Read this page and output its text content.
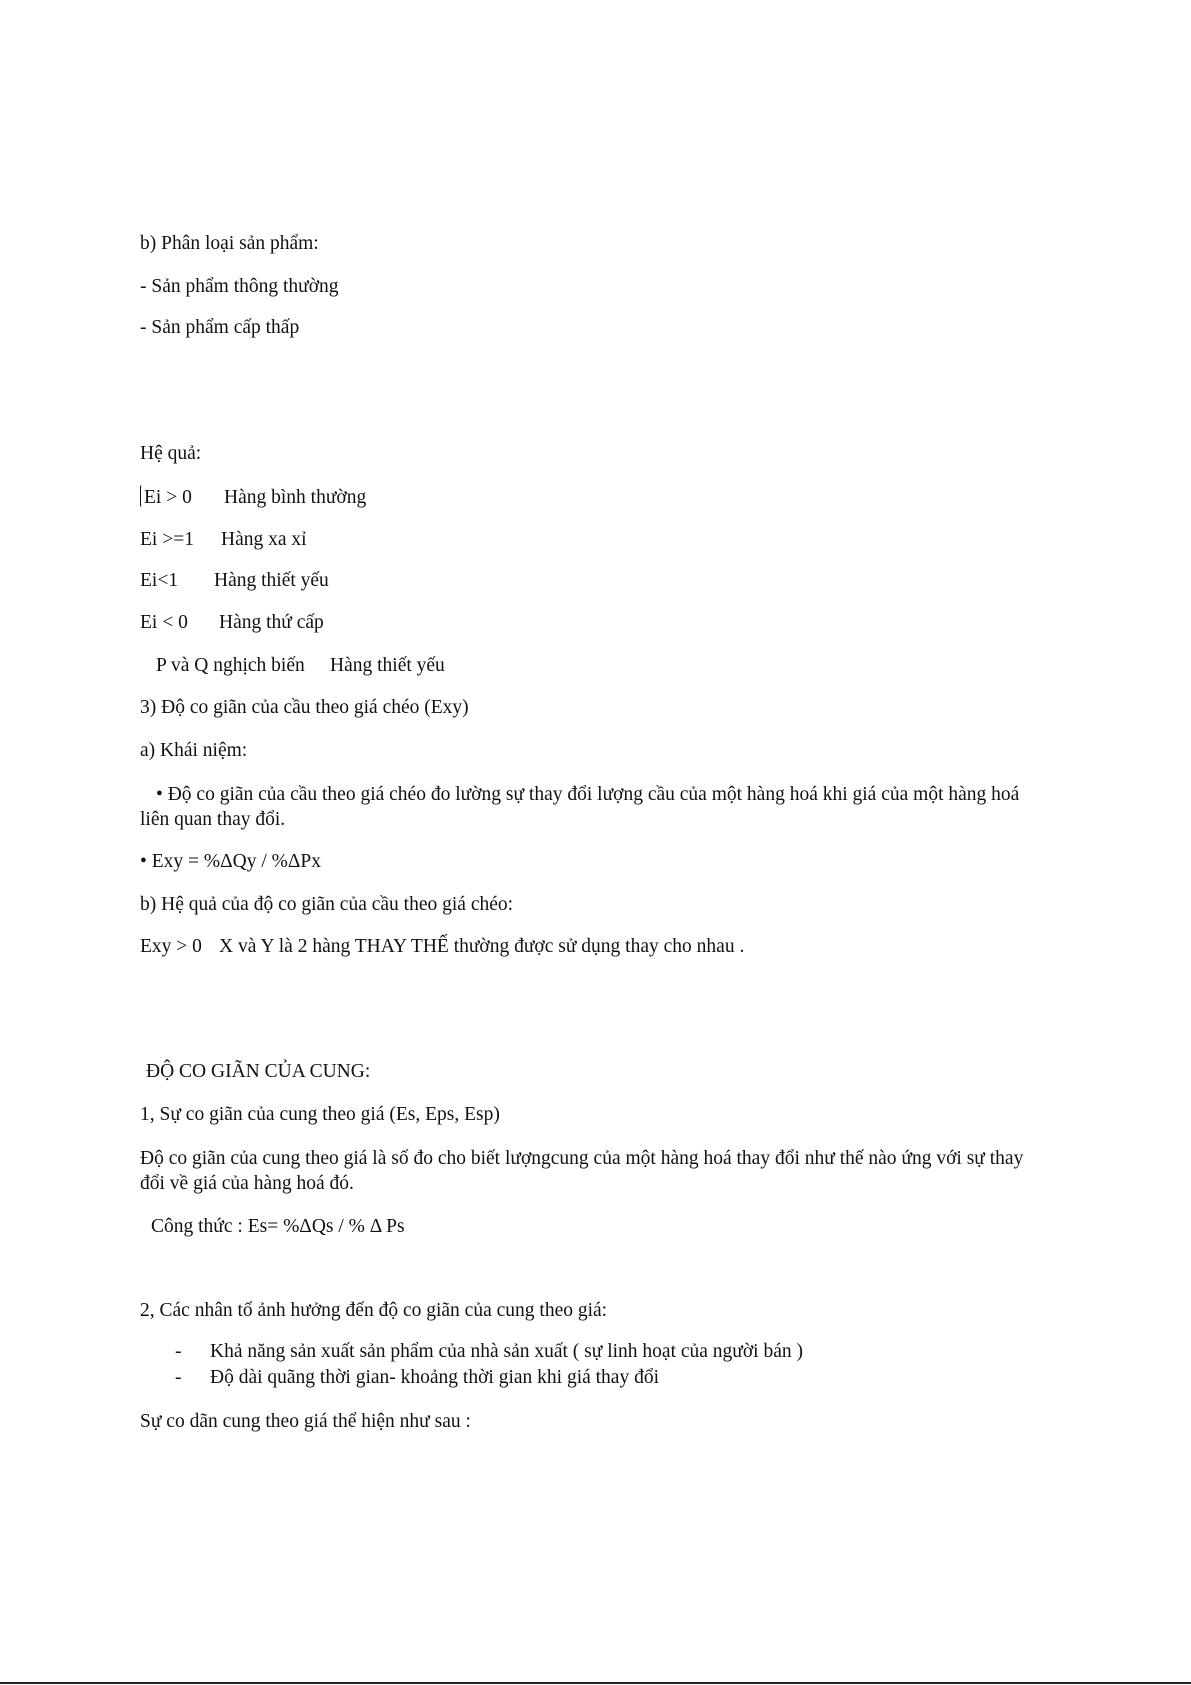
b) Phân loại sản phẩm:
- Sản phẩm thông thường
- Sản phẩm cấp thấp
Hệ quả:
Ei > 0 Hàng bình thường
Ei >=1 Hàng xa xỉ
Ei<1 Hàng thiết yếu
Ei < 0 Hàng thứ cấp
P và Q nghịch biến Hàng thiết yếu
3) Độ co giãn của cầu theo giá chéo (Exy)
a) Khái niệm:
• Độ co giãn của cầu theo giá chéo đo lường sự thay đổi lượng cầu của một hàng hoá khi giá của một hàng hoá liên quan thay đổi.
• Exy = %ΔQy / %ΔPx
b) Hệ quả của độ co giãn của cầu theo giá chéo:
Exy > 0 X và Y là 2 hàng THAY THẾ thường được sử dụng thay cho nhau .
ĐỘ CO GIÃN CỦA CUNG:
1, Sự co giãn của cung theo giá (Es, Eps, Esp)
Độ co giãn của cung theo giá là số đo cho biết lượngcung của một hàng hoá thay đổi như thế nào ứng với sự thay đổi về giá của hàng hoá đó.
Công thức : Es= %ΔQs / % Δ Ps
2, Các nhân tố ảnh hưởng đến độ co giãn của cung theo giá:
- Khả năng sản xuất sản phẩm của nhà sản xuất ( sự linh hoạt của người bán )
- Độ dài quãng thời gian- khoảng thời gian khi giá thay đổi
Sự co dãn cung theo giá thể hiện như sau :
